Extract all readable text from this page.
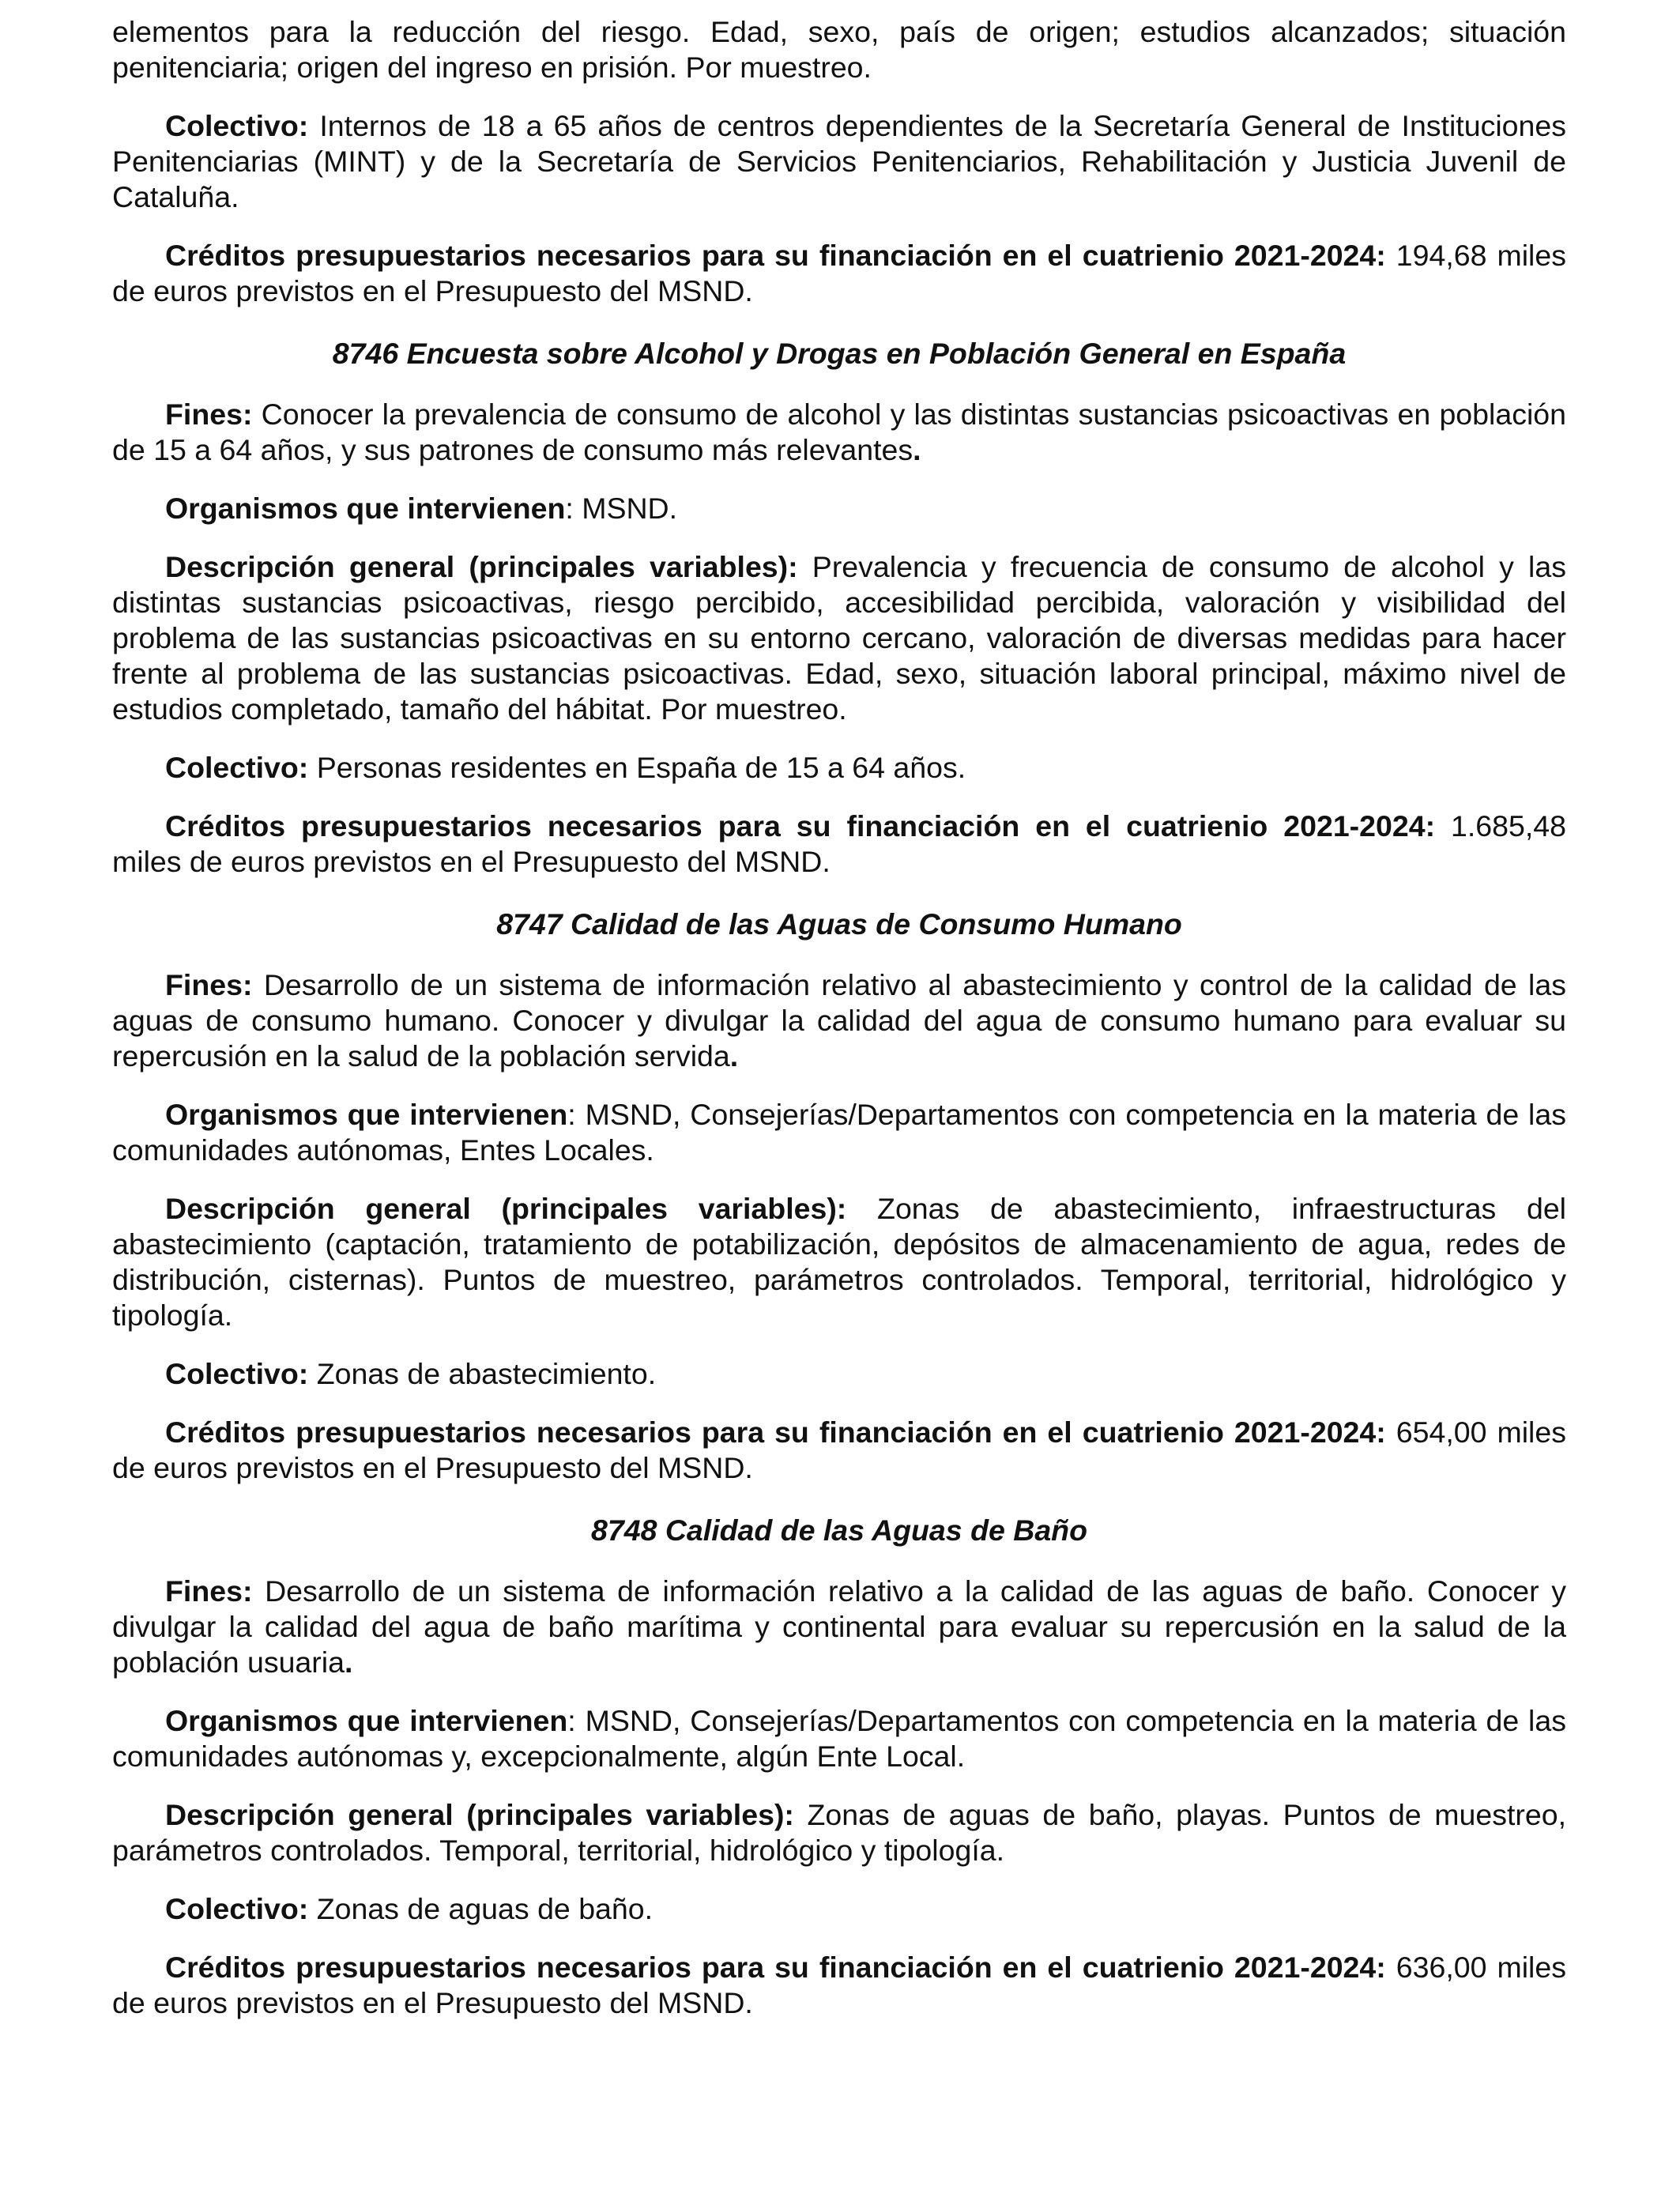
elementos para la reducción del riesgo. Edad, sexo, país de origen; estudios alcanzados; situación penitenciaria; origen del ingreso en prisión. Por muestreo.

Colectivo: Internos de 18 a 65 años de centros dependientes de la Secretaría General de Instituciones Penitenciarias (MINT) y de la Secretaría de Servicios Penitenciarios, Rehabilitación y Justicia Juvenil de Cataluña.

Créditos presupuestarios necesarios para su financiación en el cuatrienio 2021-2024: 194,68 miles de euros previstos en el Presupuesto del MSND.

8746 Encuesta sobre Alcohol y Drogas en Población General en España

Fines: Conocer la prevalencia de consumo de alcohol y las distintas sustancias psicoactivas en población de 15 a 64 años, y sus patrones de consumo más relevantes.

Organismos que intervienen: MSND.

Descripción general (principales variables): Prevalencia y frecuencia de consumo de alcohol y las distintas sustancias psicoactivas, riesgo percibido, accesibilidad percibida, valoración y visibilidad del problema de las sustancias psicoactivas en su entorno cercano, valoración de diversas medidas para hacer frente al problema de las sustancias psicoactivas. Edad, sexo, situación laboral principal, máximo nivel de estudios completado, tamaño del hábitat. Por muestreo.

Colectivo: Personas residentes en España de 15 a 64 años.

Créditos presupuestarios necesarios para su financiación en el cuatrienio 2021-2024: 1.685,48 miles de euros previstos en el Presupuesto del MSND.

8747 Calidad de las Aguas de Consumo Humano

Fines: Desarrollo de un sistema de información relativo al abastecimiento y control de la calidad de las aguas de consumo humano. Conocer y divulgar la calidad del agua de consumo humano para evaluar su repercusión en la salud de la población servida.

Organismos que intervienen: MSND, Consejerías/Departamentos con competencia en la materia de las comunidades autónomas, Entes Locales.

Descripción general (principales variables): Zonas de abastecimiento, infraestructuras del abastecimiento (captación, tratamiento de potabilización, depósitos de almacenamiento de agua, redes de distribución, cisternas). Puntos de muestreo, parámetros controlados. Temporal, territorial, hidrológico y tipología.

Colectivo: Zonas de abastecimiento.

Créditos presupuestarios necesarios para su financiación en el cuatrienio 2021-2024: 654,00 miles de euros previstos en el Presupuesto del MSND.

8748 Calidad de las Aguas de Baño

Fines: Desarrollo de un sistema de información relativo a la calidad de las aguas de baño. Conocer y divulgar la calidad del agua de baño marítima y continental para evaluar su repercusión en la salud de la población usuaria.

Organismos que intervienen: MSND, Consejerías/Departamentos con competencia en la materia de las comunidades autónomas y, excepcionalmente, algún Ente Local.

Descripción general (principales variables): Zonas de aguas de baño, playas. Puntos de muestreo, parámetros controlados. Temporal, territorial, hidrológico y tipología.

Colectivo: Zonas de aguas de baño.

Créditos presupuestarios necesarios para su financiación en el cuatrienio 2021-2024: 636,00 miles de euros previstos en el Presupuesto del MSND.
